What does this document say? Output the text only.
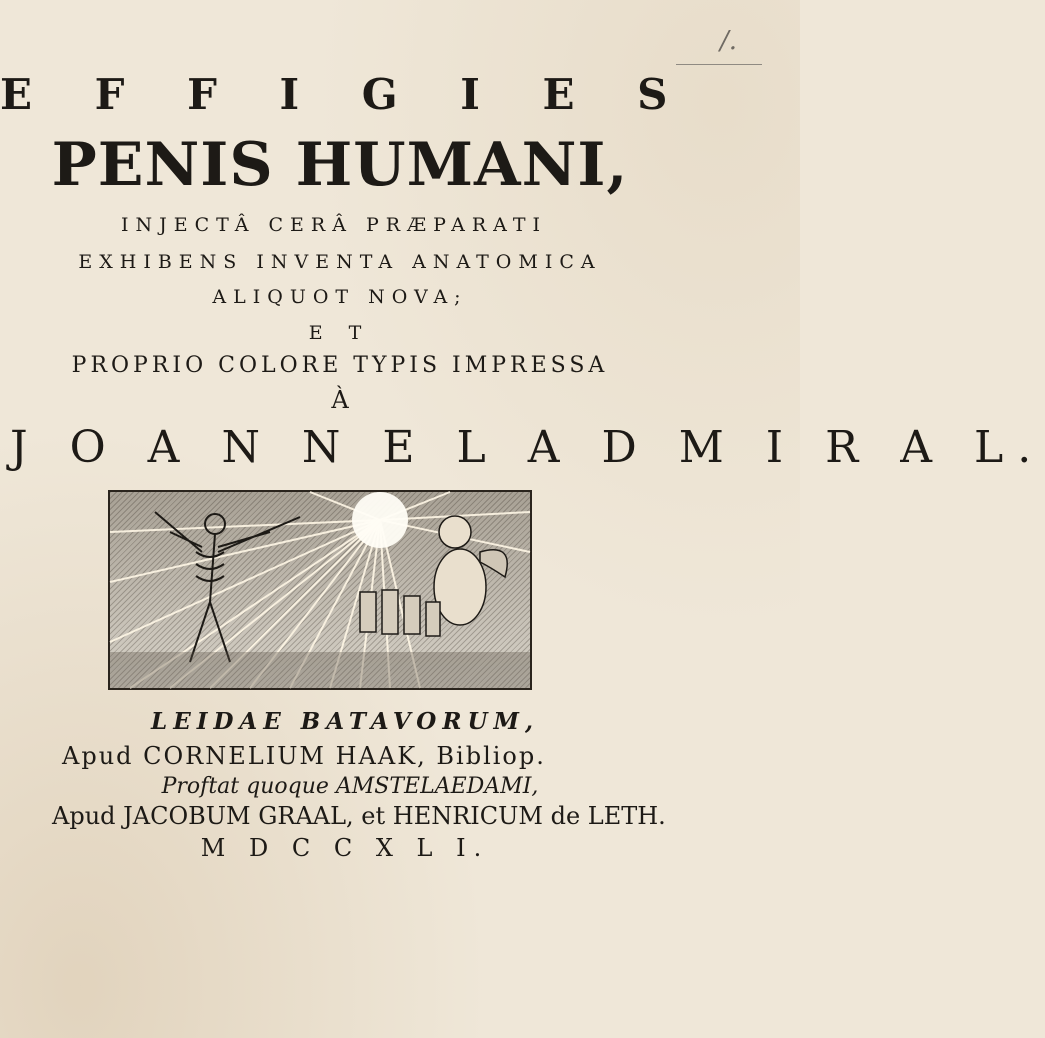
/.
E F F I G I E S
PENIS HUMANI,
INJECTÂ CERÂ PRÆPARATI
EXHIBENS INVENTA ANATOMICA
ALIQUOT NOVA;
E T
PROPRIO COLORE TYPIS IMPRESSA
À
J O A N N E L A D M I R A L.
LEIDAE BATAVORUM,
Apud CORNELIUM HAAK, Bibliop.
Proftat quoque AMSTELAEDAMI,
Apud JACOBUM GRAAL, et HENRICUM de LETH.
M D C C X L I.
